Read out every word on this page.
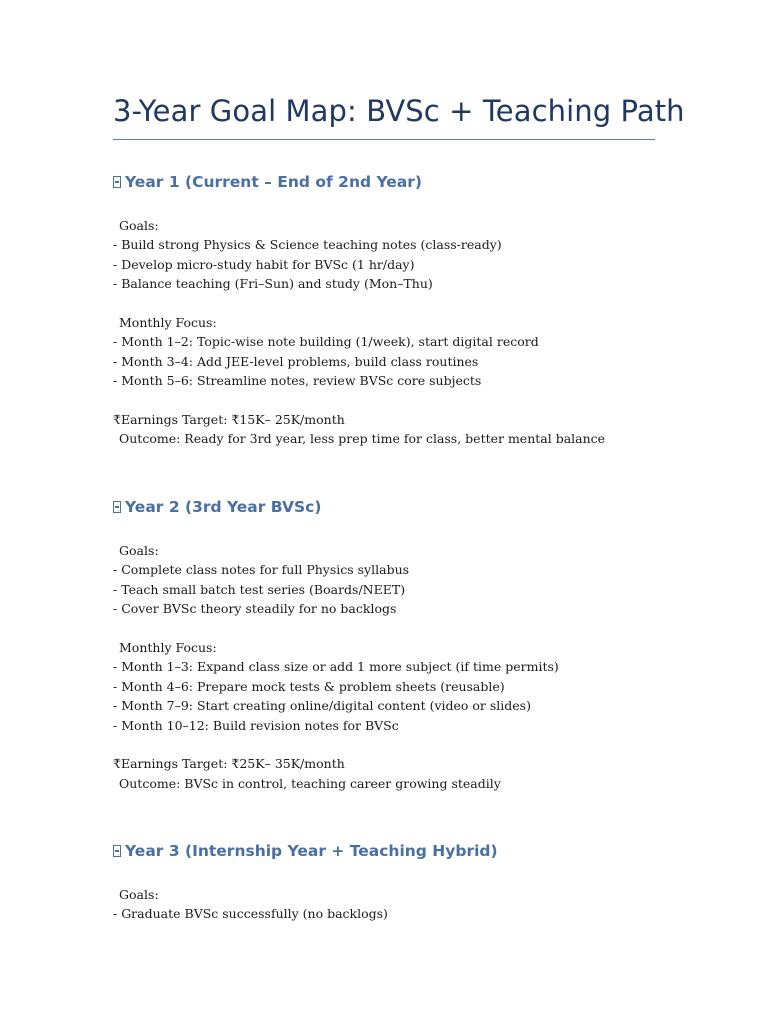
3-Year Goal Map: BVSc + Teaching Path
Year 1 (Current – End of 2nd Year)
Goals:
- Build strong Physics & Science teaching notes (class-ready)
- Develop micro-study habit for BVSc (1 hr/day)
- Balance teaching (Fri–Sun) and study (Mon–Thu)
Monthly Focus:
- Month 1–2: Topic-wise note building (1/week), start digital record
- Month 3–4: Add JEE-level problems, build class routines
- Month 5–6: Streamline notes, review BVSc core subjects
₹Earnings Target: ₹15K– 25K/month
Outcome: Ready for 3rd year, less prep time for class, better mental balance
Year 2 (3rd Year BVSc)
Goals:
- Complete class notes for full Physics syllabus
- Teach small batch test series (Boards/NEET)
- Cover BVSc theory steadily for no backlogs
Monthly Focus:
- Month 1–3: Expand class size or add 1 more subject (if time permits)
- Month 4–6: Prepare mock tests & problem sheets (reusable)
- Month 7–9: Start creating online/digital content (video or slides)
- Month 10–12: Build revision notes for BVSc
₹Earnings Target: ₹25K– 35K/month
Outcome: BVSc in control, teaching career growing steadily
Year 3 (Internship Year + Teaching Hybrid)
Goals:
- Graduate BVSc successfully (no backlogs)
